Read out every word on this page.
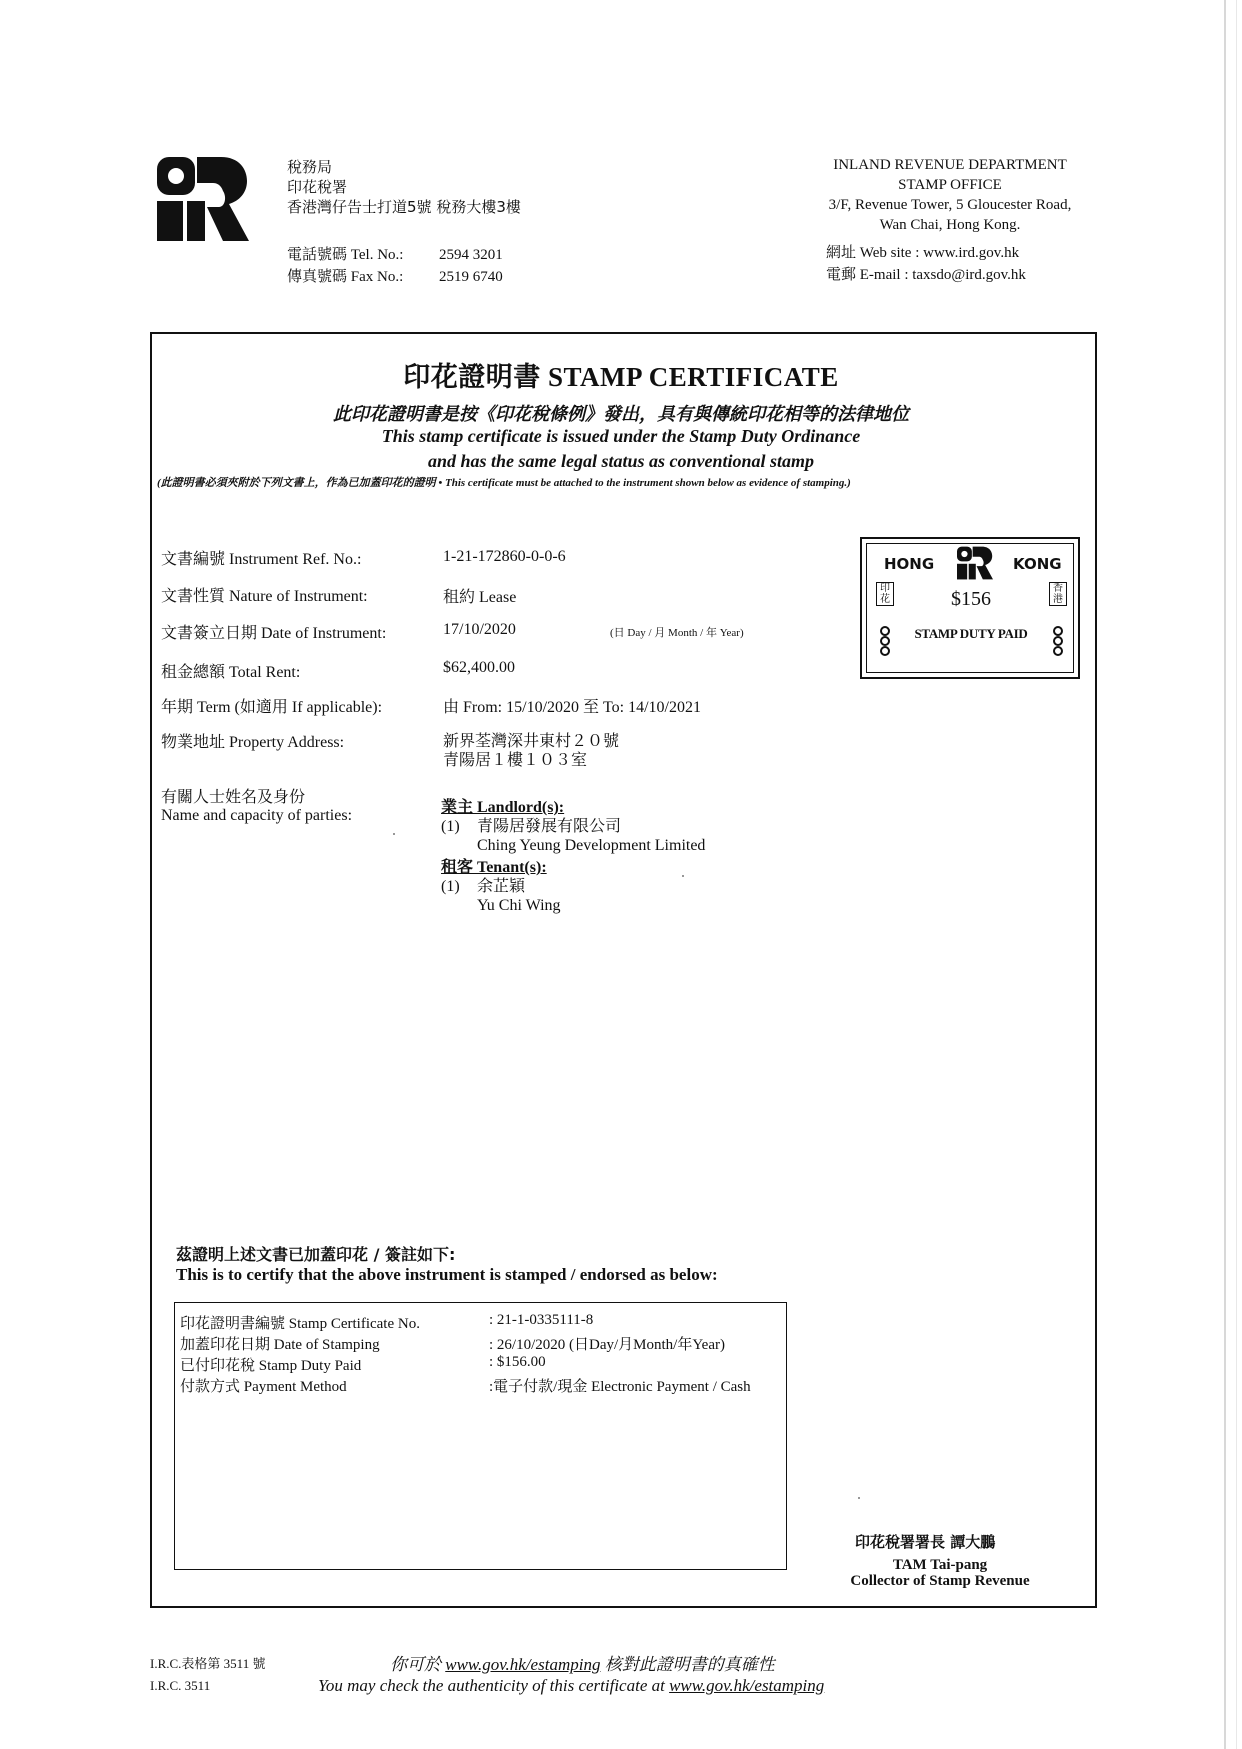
稅務局
印花稅署
香港灣仔告士打道5號 稅務大樓3樓
電話號碼 Tel. No.:	2594 3201
傳真號碼 Fax No.:	2519 6740
INLAND REVENUE DEPARTMENT
STAMP OFFICE
3/F, Revenue Tower, 5 Gloucester Road,
Wan Chai, Hong Kong.
網址 Web site : www.ird.gov.hk
電郵 E-mail : taxsdo@ird.gov.hk
印花證明書 STAMP CERTIFICATE
此印花證明書是按《印花稅條例》發出，具有與傳統印花相等的法律地位
This stamp certificate is issued under the Stamp Duty Ordinance
and has the same legal status as conventional stamp
(此證明書必須夾附於下列文書上，作為已加蓋印花的證明 • This certificate must be attached to the instrument shown below as evidence of stamping.)
文書編號 Instrument Ref. No.:	1-21-172860-0-0-6
文書性質 Nature of Instrument:	租約 Lease
文書簽立日期 Date of Instrument:	17/10/2020	(日 Day / 月 Month / 年 Year)
租金總額 Total Rent:	$62,400.00
年期 Term (如適用 If applicable):	由 From: 15/10/2020 至 To: 14/10/2021
物業地址 Property Address:	新界荃灣深井東村２０號
青陽居１樓１０３室
有關人士姓名及身份
Name and capacity of parties:	業主 Landlord(s):
(1)	青陽居發展有限公司
Ching Yeung Development Limited
租客 Tenant(s):
(1)	余芷穎
Yu Chi Wing
HONG	KONG
印花
香港
$156
STAMP DUTY PAID
茲證明上述文書已加蓋印花 / 簽註如下:
This is to certify that the above instrument is stamped / endorsed as below:
印花證明書編號 Stamp Certificate No.	: 21-1-0335111-8
加蓋印花日期 Date of Stamping	: 26/10/2020 (日Day/月Month/年Year)
已付印花稅 Stamp Duty Paid	: $156.00
付款方式 Payment Method	:電子付款/現金 Electronic Payment / Cash
印花稅署署長 譚大鵬
TAM Tai-pang
Collector of Stamp Revenue
I.R.C.表格第 3511 號
I.R.C. 3511
你可於 www.gov.hk/estamping 核對此證明書的真確性
You may check the authenticity of this certificate at www.gov.hk/estamping
